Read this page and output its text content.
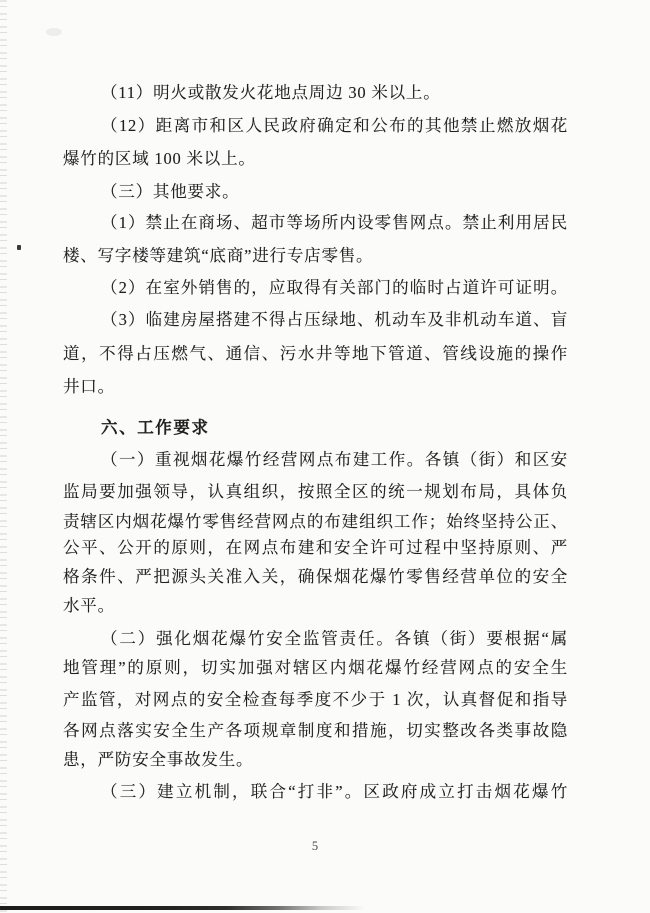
（11）明火或散发火花地点周边 30 米以上。
（12）距离市和区人民政府确定和公布的其他禁止燃放烟花
爆竹的区域 100 米以上。
（三）其他要求。
（1）禁止在商场、超市等场所内设零售网点。禁止利用居民
楼、写字楼等建筑“底商”进行专店零售。
（2）在室外销售的，应取得有关部门的临时占道许可证明。
（3）临建房屋搭建不得占压绿地、机动车及非机动车道、盲
道，不得占压燃气、通信、污水井等地下管道、管线设施的操作
井口。
六、工作要求
（一）重视烟花爆竹经营网点布建工作。各镇（街）和区安
监局要加强领导，认真组织，按照全区的统一规划布局，具体负
责辖区内烟花爆竹零售经营网点的布建组织工作；始终坚持公正、
公平、公开的原则，在网点布建和安全许可过程中坚持原则、严
格条件、严把源头关准入关，确保烟花爆竹零售经营单位的安全
水平。
（二）强化烟花爆竹安全监管责任。各镇（街）要根据“属
地管理”的原则，切实加强对辖区内烟花爆竹经营网点的安全生
产监管，对网点的安全检查每季度不少于 1 次，认真督促和指导
各网点落实安全生产各项规章制度和措施，切实整改各类事故隐
患，严防安全事故发生。
（三）建立机制，联合“打非”。区政府成立打击烟花爆竹
5
